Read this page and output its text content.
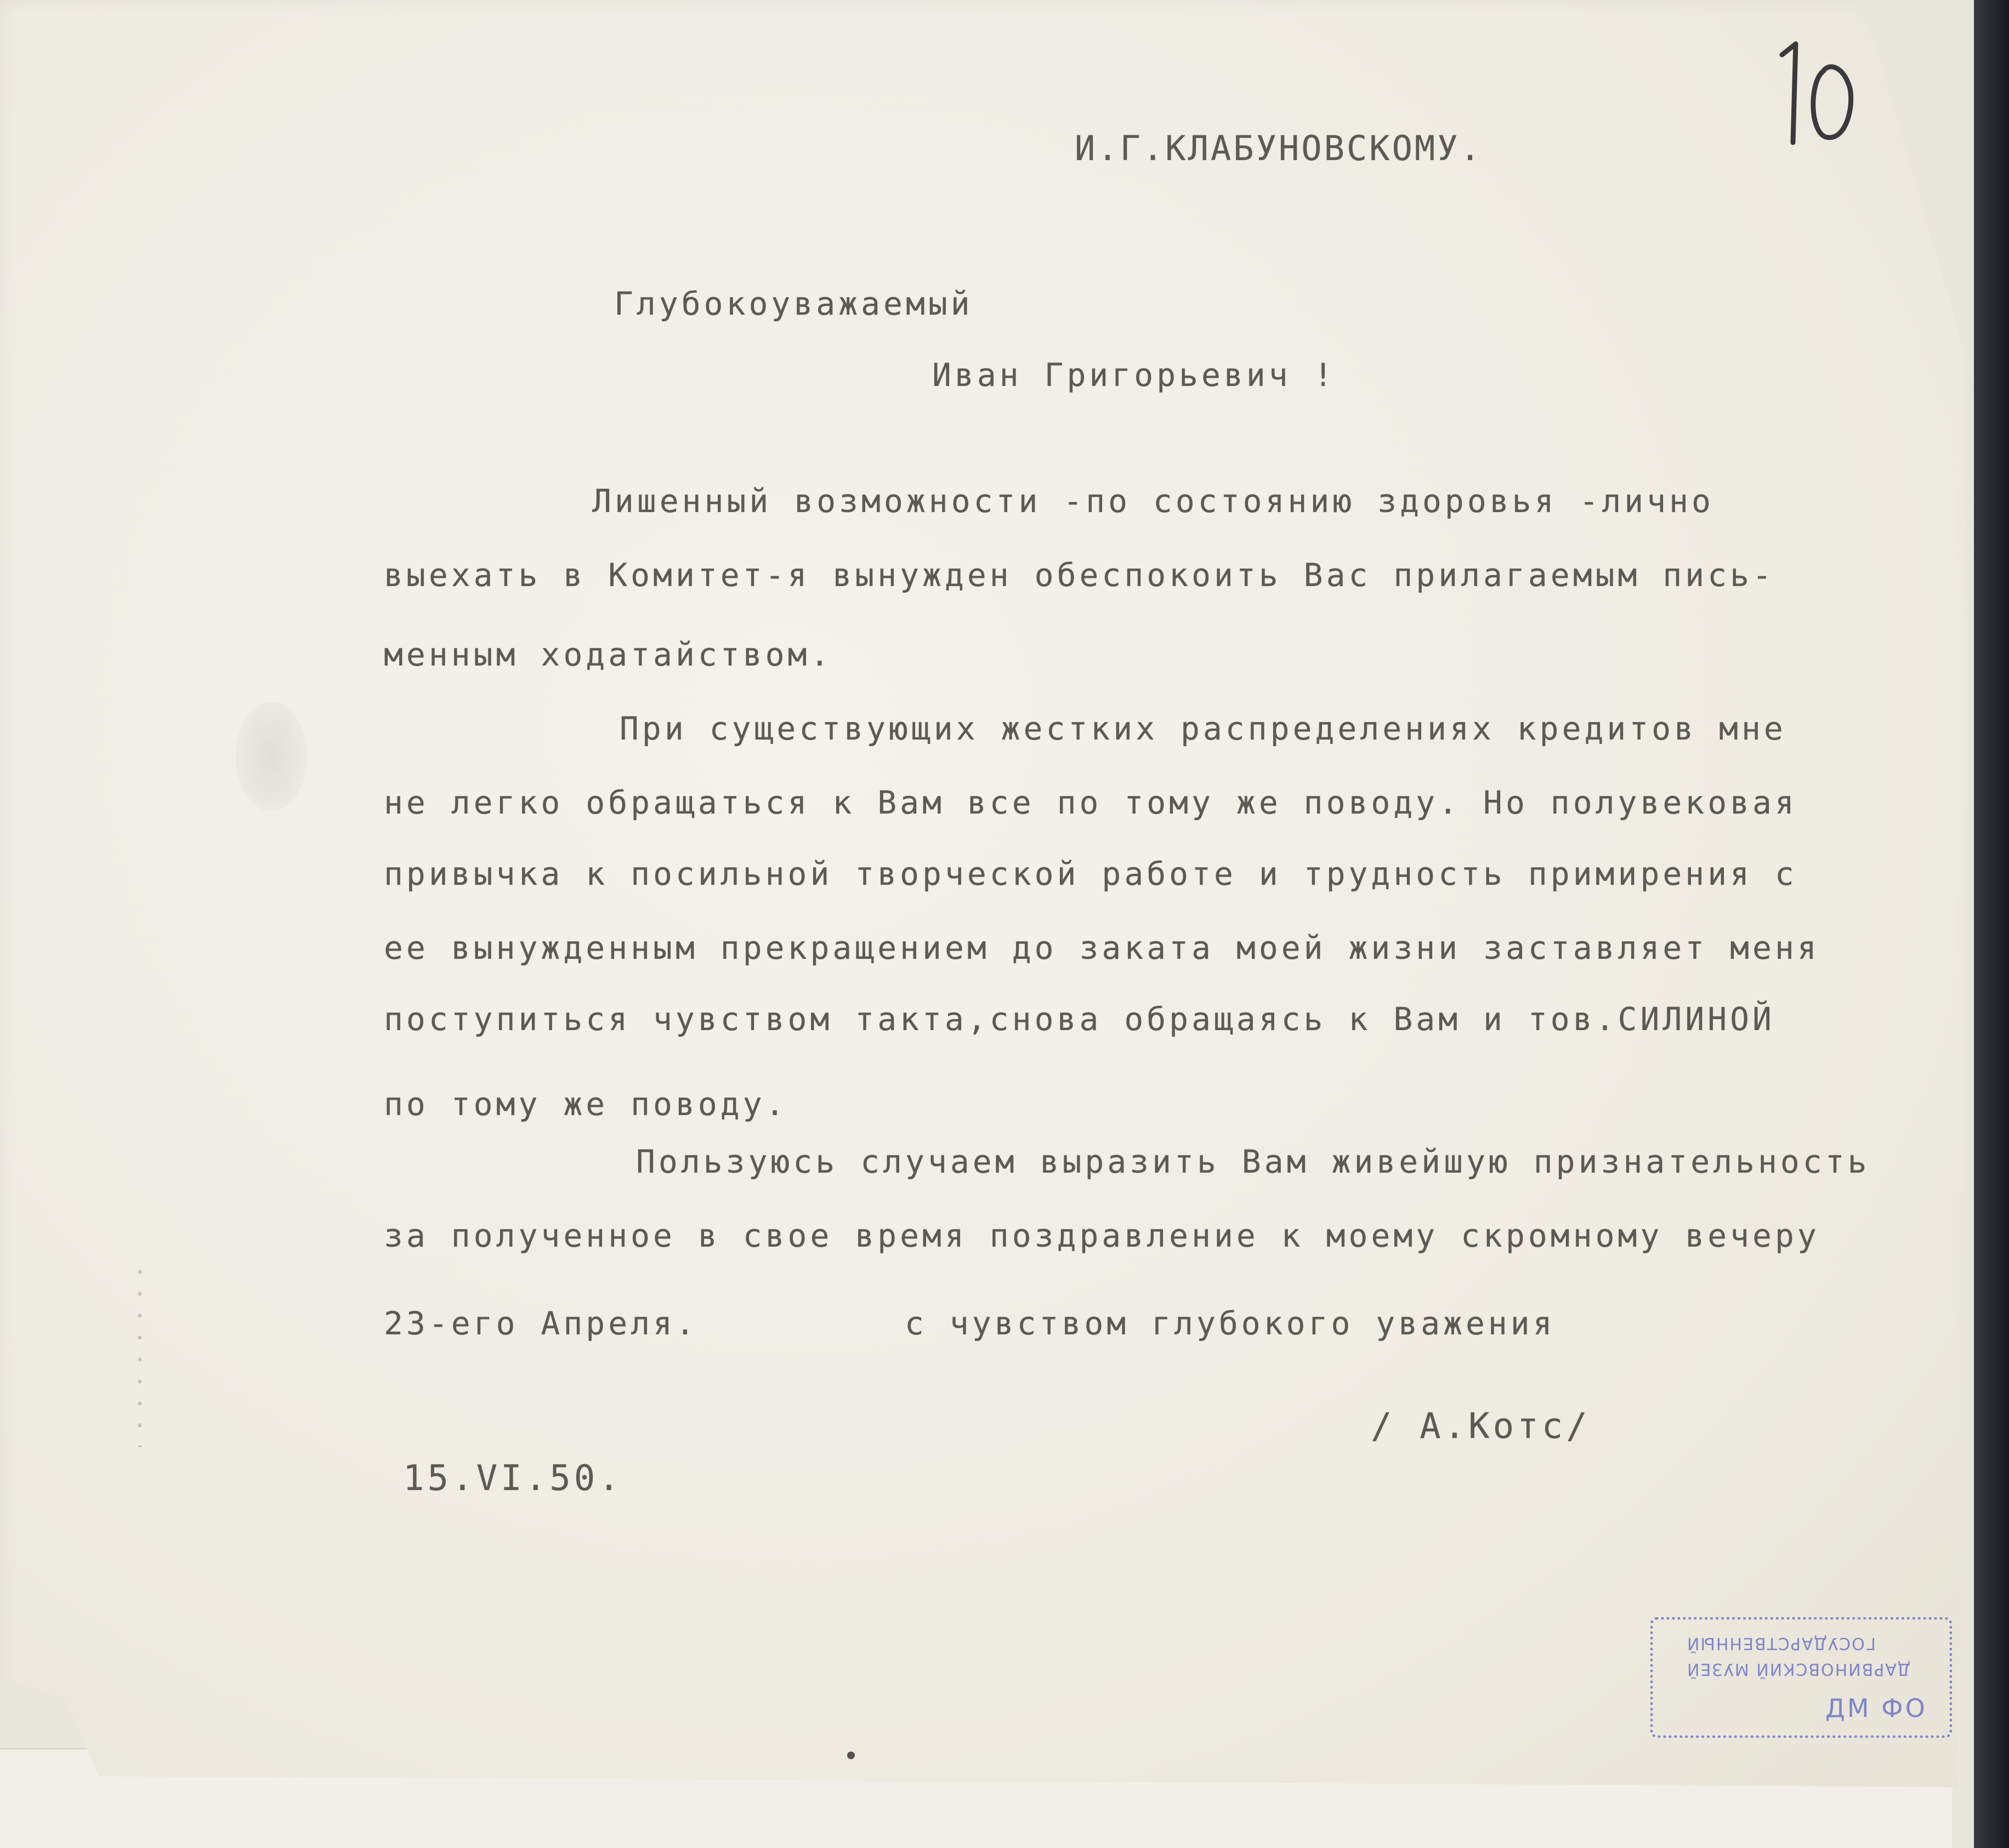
И.Г.КЛАБУНОВСКОМУ.
Глубокоуважаемый
Иван Григорьевич !
Лишенный возможности -по состоянию здоровья -лично
выехать в Комитет-я вынужден обеспокоить Вас прилагаемым пись-
менным ходатайством.
При существующих жестких распределениях кредитов мне
не легко обращаться к Вам все по тому же поводу. Но полувековая
привычка к посильной творческой работе и трудность примирения с
ее вынужденным прекращением до заката моей жизни заставляет меня
поступиться чувством такта,снова обращаясь к Вам и тов.СИЛИНОЙ
по тому же поводу.
Пользуюсь случаем выразить Вам живейшую признательность
за полученное в свое время поздравление к моему скромному вечеру
23-его Апреля.	с чувством глубокого уважения
/ А.Котс/
15.VI.50.
ГОСУДАРСТВЕННЫЙ
ДАРВИНОВСКИЙ МУЗЕЙ
ДМ ФО
